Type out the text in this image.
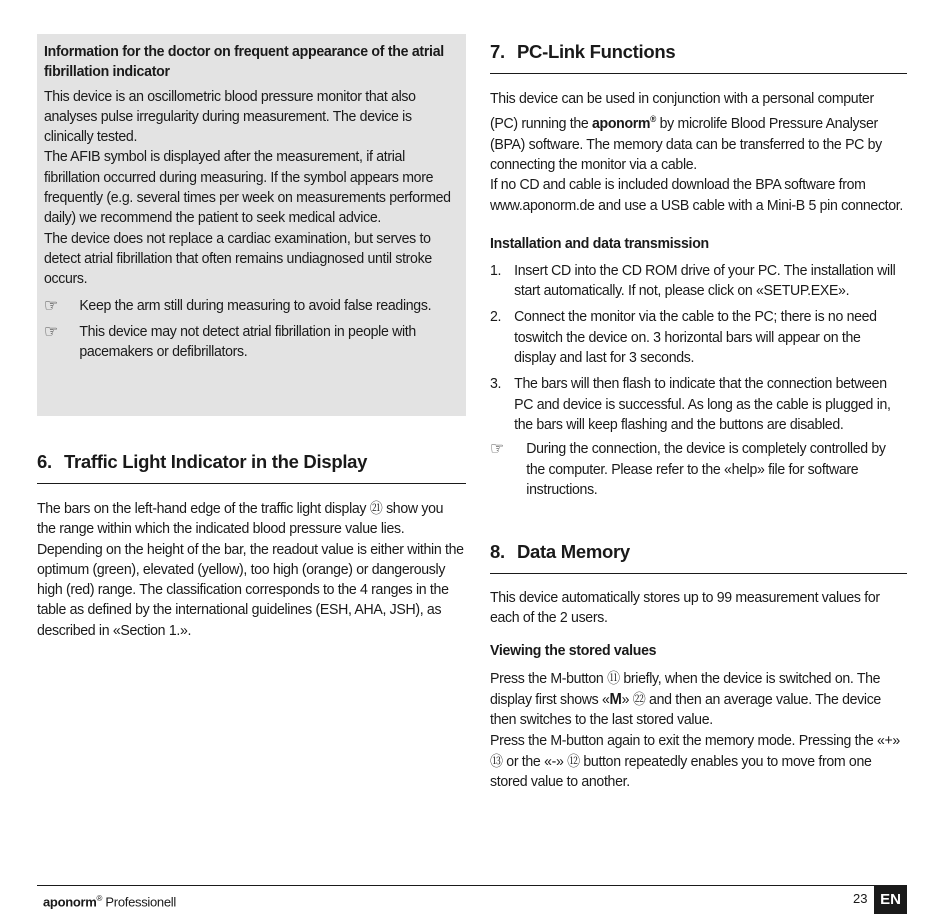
Information for the doctor on frequent appearance of the atrial fibrillation indicator

This device is an oscillometric blood pressure monitor that also analyses pulse irregularity during measurement. The device is clinically tested.

The AFIB symbol is displayed after the measurement, if atrial fibrillation occurred during measuring. If the symbol appears more frequently (e.g. several times per week on measurements performed daily) we recommend the patient to seek medical advice.

The device does not replace a cardiac examination, but serves to detect atrial fibrillation that often remains undiagnosed until stroke occurs.

☞	Keep the arm still during measuring to avoid false readings.
☞	This device may not detect atrial fibrillation in people with pacemakers or defibrillators.
6. Traffic Light Indicator in the Display

The bars on the left-hand edge of the traffic light display ㉑ show you the range within which the indicated blood pressure value lies. Depending on the height of the bar, the readout value is either within the optimum (green), elevated (yellow), too high (orange) or dangerously high (red) range. The classification corresponds to the 4 ranges in the table as defined by the international guidelines (ESH, AHA, JSH), as described in «Section 1.».

7. PC-Link Functions

This device can be used in conjunction with a personal computer (PC) running the aponorm® by microlife Blood Pressure Analyser (BPA) software. The memory data can be transferred to the PC by connecting the monitor via a cable.

If no CD and cable is included download the BPA software from www.aponorm.de and use a USB cable with a Mini-B 5 pin connector.

Installation and data transmission
1. Insert CD into the CD ROM drive of your PC. The installation will start automatically. If not, please click on «SETUP.EXE».
2. Connect the monitor via the cable to the PC; there is no need toswitch the device on. 3 horizontal bars will appear on the display and last for 3 seconds.
3. The bars will then flash to indicate that the connection between PC and device is successful. As long as the cable is plugged in, the bars will keep flashing and the buttons are disabled.
☞	During the connection, the device is completely controlled by the computer. Please refer to the «help» file for software instructions.
8. Data Memory

This device automatically stores up to 99 measurement values for each of the 2 users.

Viewing the stored values

Press the M-button ⑪ briefly, when the device is switched on. The display first shows «M» ㉒ and then an average value. The device then switches to the last stored value.

Press the M-button again to exit the memory mode. Pressing the «+» ⑬ or the «-» ⑫ button repeatedly enables you to move from one stored value to another.

aponorm® Professionell	23 EN
